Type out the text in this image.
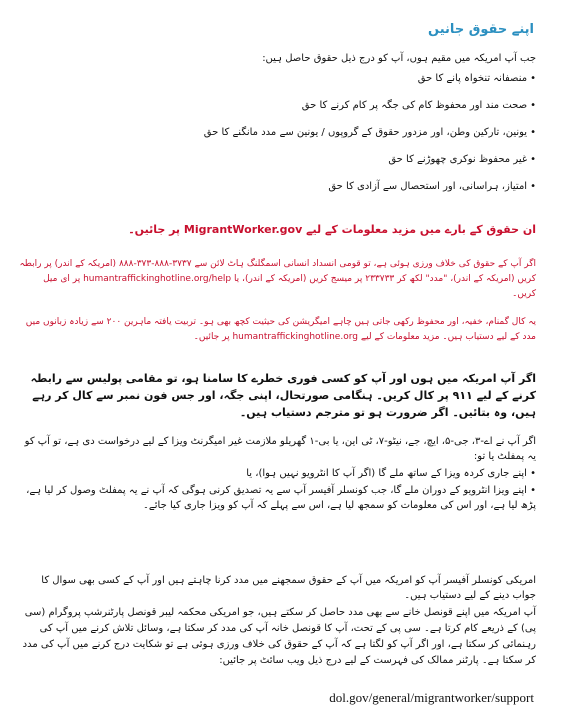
اپنے حقوق جانیں

جب آپ امریکہ میں مقیم ہوں، آپ کو درج ذیل حقوق حاصل ہیں:

•منصفانہ تنخواہ پانے کا حق
•صحت مند اور محفوظ کام کی جگہ پر کام کرنے کا حق
•یونین، تارکین وطن، اور مزدور حقوق کے گروپوں / یونین سے مدد مانگنے کا حق
•غیر محفوظ نوکری چھوڑنے کا حق
•امتیاز، ہراسانی، اور استحصال سے آزادی کا حق

ان حقوق کے بارے میں مزید معلومات کے لیے MigrantWorker.gov پر جائیں۔

اگر آپ کے حقوق کی خلاف ورزی ہوئی ہے، تو قومی انسداد انسانی اسمگلنگ ہاٹ لائن سے ۳۷۳۷-۸۸۸-۳۷۳-۸۸۸ (امریکہ کے اندر) پر رابطہ کریں (امریکہ کے اندر)، "مدد" لکھ کر ۲۳۳۷۳۳ پر میسج کریں (امریکہ کے اندر)، یا humantraffickinghotline.org/help پر ای میل کریں۔

یہ کال گمنام، خفیہ، اور محفوظ رکھی جاتی ہیں چاہے امیگریشن کی حیثیت کچھ بھی ہو۔ تربیت یافتہ ماہرین ۲۰۰ سے زیادہ زبانوں میں مدد کے لیے دستیاب ہیں۔ مزید معلومات کے لیے humantraffickinghotline.org پر جائیں۔

اگر آپ امریکہ میں ہوں اور آپ کو کسی فوری خطرے کا سامنا ہو، تو مقامی پولیس سے رابطہ کرنے کے لیے ۹۱۱ پر کال کریں۔ ہنگامی صورتحال، اپنی جگہ، اور جس فون نمبر سے کال کر رہے ہیں، وہ بتائیں۔ اگر ضرورت ہو تو مترجم دستیاب ہیں۔

اگر آپ نے اے-۳، جی-۵، ایچ، جے، نیٹو-۷، ٹی این، یا بی-۱ گھریلو ملازمت غیر امیگرنٹ ویزا کے لیے درخواست دی ہے، تو آپ کو یہ پمفلٹ یا تو:
• اپنے جاری کردہ ویزا کے ساتھ ملے گا (اگر آپ کا انٹرویو نہیں ہوا)، یا
• اپنے ویزا انٹرویو کے دوران ملے گا، جب کونسلر آفیسر آپ سے یہ تصدیق کرنی ہوگی کہ آپ نے یہ پمفلٹ وصول کر لیا ہے، پڑھ لیا ہے، اور اس کی معلومات کو سمجھ لیا ہے، اس سے پہلے کہ آپ کو ویزا جاری کیا جائے۔

امریکی کونسلر آفیسر آپ کو امریکہ میں آپ کے حقوق سمجھنے میں مدد کرنا چاہتے ہیں اور آپ کے کسی بھی سوال کا جواب دینے کے لیے دستیاب ہیں۔

آپ امریکہ میں اپنے قونصل خانے سے بھی مدد حاصل کر سکتے ہیں، جو امریکی محکمہ لیبر قونصل پارٹنرشپ پروگرام (سی پی) کے ذریعے کام کرتا ہے۔ سی پی کے تحت، آپ کا قونصل خانہ آپ کی مدد کر سکتا ہے، وسائل تلاش کرنے میں آپ کی رہنمائی کر سکتا ہے، اور اگر آپ کو لگتا ہے کہ آپ کے حقوق کی خلاف ورزی ہوئی ہے تو شکایت درج کرنے میں آپ کی مدد کر سکتا ہے۔ پارٹنر ممالک کی فہرست کے لیے درج ذیل ویب سائٹ پر جائیں:

dol.gov/general/migrantworker/support
